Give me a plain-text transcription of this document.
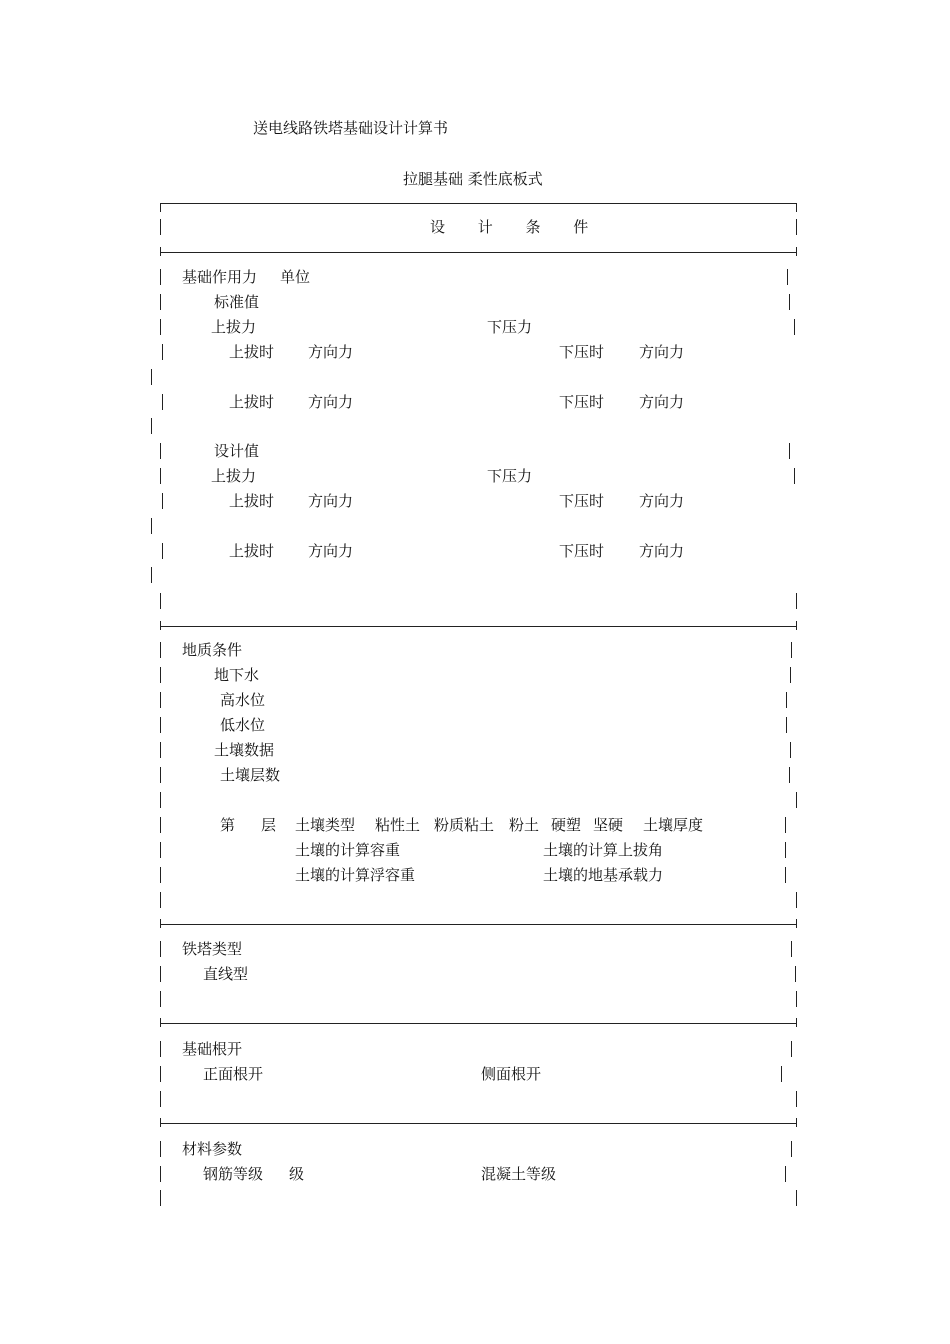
送电线路铁塔基础设计计算书
拉腿基础 柔性底板式
设 计 条 件
基础作用力 单位
标准值
上拔力	下压力
上拔时 方向力	下压时 方向力
上拔时 方向力	下压时 方向力
设计值
上拔力	下压力
上拔时 方向力	下压时 方向力
上拔时 方向力	下压时 方向力
地质条件
地下水
高水位
低水位
土壤数据
土壤层数
第 层 土壤类型 粘性土 粉质粘土 粉土 硬塑 坚硬 土壤厚度
土壤的计算容重	土壤的计算上拔角
土壤的计算浮容重	土壤的地基承载力
铁塔类型
直线型
基础根开
正面根开	侧面根开
材料参数
钢筋等级 级	混凝土等级
